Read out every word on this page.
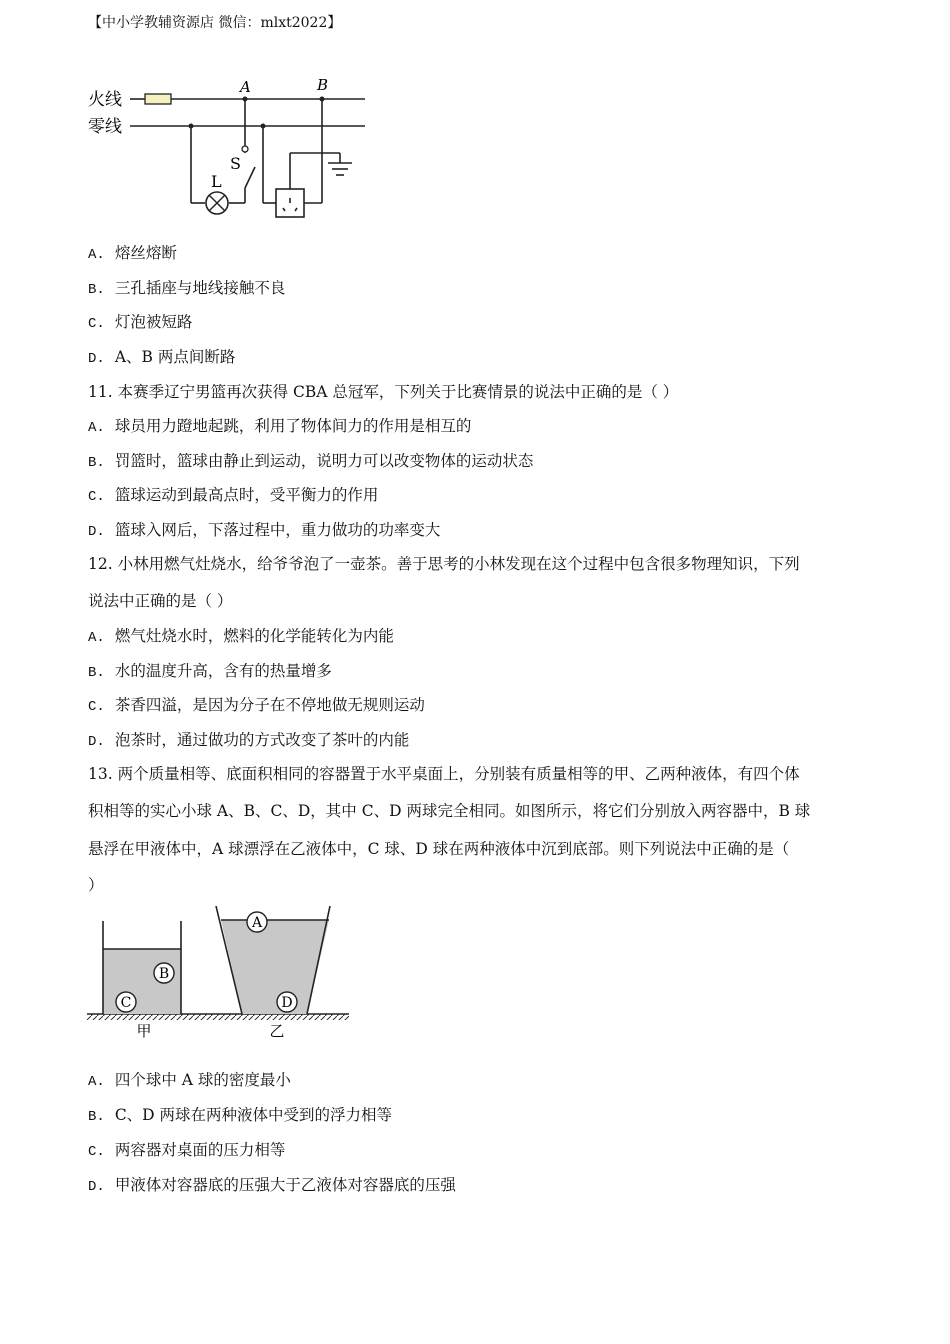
【中小学教辅资源店 微信：mlxt2022】
火线
零线
A	B
S
L
A. 熔丝熔断
B. 三孔插座与地线接触不良
C. 灯泡被短路
D. A、B 两点间断路
11. 本赛季辽宁男篮再次获得 CBA 总冠军，下列关于比赛情景的说法中正确的是（ ）
A. 球员用力蹬地起跳，利用了物体间力的作用是相互的
B. 罚篮时，篮球由静止到运动，说明力可以改变物体的运动状态
C. 篮球运动到最高点时，受平衡力的作用
D. 篮球入网后，下落过程中，重力做功的功率变大
12. 小林用燃气灶烧水，给爷爷泡了一壶茶。善于思考的小林发现在这个过程中包含很多物理知识，下列
说法中正确的是（ ）
A. 燃气灶烧水时，燃料的化学能转化为内能
B. 水的温度升高，含有的热量增多
C. 茶香四溢，是因为分子在不停地做无规则运动
D. 泡茶时，通过做功的方式改变了茶叶的内能
13. 两个质量相等、底面积相同的容器置于水平桌面上，分别装有质量相等的甲、乙两种液体，有四个体
积相等的实心小球 A、B、C、D，其中 C、D 两球完全相同。如图所示，将它们分别放入两容器中，B 球
悬浮在甲液体中，A 球漂浮在乙液体中，C 球、D 球在两种液体中沉到底部。则下列说法中正确的是（
）
A
B
C	D
甲	乙
A. 四个球中 A 球的密度最小
B. C、D 两球在两种液体中受到的浮力相等
C. 两容器对桌面的压力相等
D. 甲液体对容器底的压强大于乙液体对容器底的压强
